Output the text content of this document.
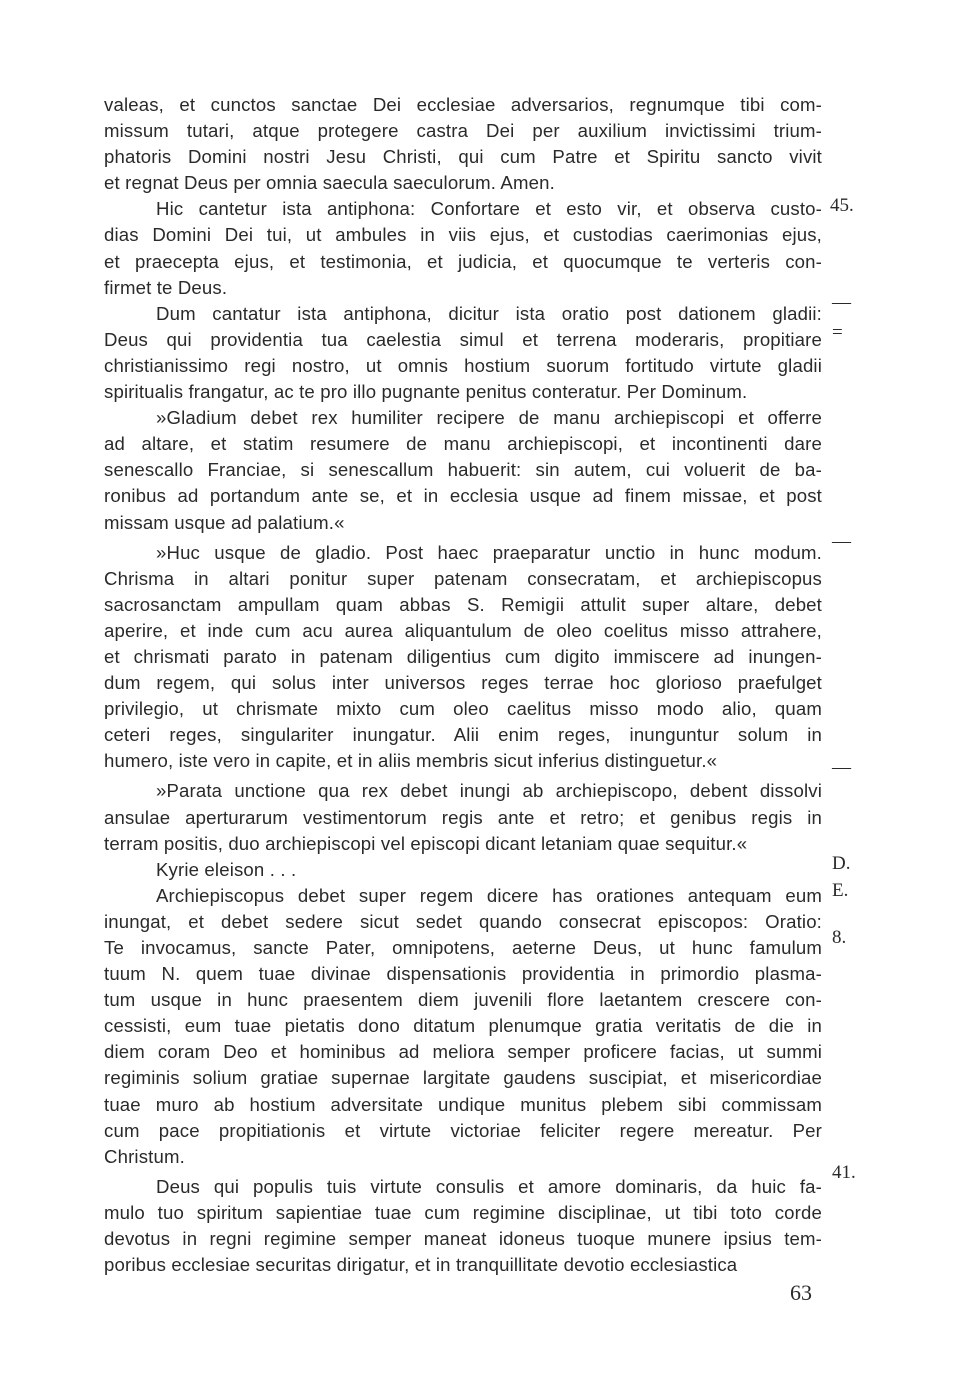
valeas, et cunctos sanctae Dei ecclesiae adversarios, regnumque tibi com-
missum tutari, atque protegere castra Dei per auxilium invictissimi trium-
phatoris Domini nostri Jesu Christi, qui cum Patre et Spiritu sancto vivit
et regnat Deus per omnia saecula saeculorum. Amen.
Hic cantetur ista antiphona: Confortare et esto vir, et observa custo-
dias Domini Dei tui, ut ambules in viis ejus, et custodias caerimonias ejus,
et praecepta ejus, et testimonia, et judicia, et quocumque te verteris con-
firmet te Deus.
Dum cantatur ista antiphona, dicitur ista oratio post dationem gladii:
Deus qui providentia tua caelestia simul et terrena moderaris, propitiare
christianissimo regi nostro, ut omnis hostium suorum fortitudo virtute gladii
spiritualis frangatur, ac te pro illo pugnante penitus conteratur. Per Dominum.
»Gladium debet rex humiliter recipere de manu archiepiscopi et offerre
ad altare, et statim resumere de manu archiepiscopi, et incontinenti dare
senescallo Franciae, si senescallum habuerit: sin autem, cui voluerit de ba-
ronibus ad portandum ante se, et in ecclesia usque ad finem missae, et post
missam usque ad palatium.«
»Huc usque de gladio. Post haec praeparatur unctio in hunc modum.
Chrisma in altari ponitur super patenam consecratam, et archiepiscopus
sacrosanctam ampullam quam abbas S. Remigii attulit super altare, debet
aperire, et inde cum acu aurea aliquantulum de oleo coelitus misso attrahere,
et chrismati parato in patenam diligentius cum digito immiscere ad inungen-
dum regem, qui solus inter universos reges terrae hoc glorioso praefulget
privilegio, ut chrismate mixto cum oleo caelitus misso modo alio, quam
ceteri reges, singulariter inungatur. Alii enim reges, inunguntur solum in
humero, iste vero in capite, et in aliis membris sicut inferius distinguetur.«
»Parata unctione qua rex debet inungi ab archiepiscopo, debent dissolvi
ansulae aperturarum vestimentorum regis ante et retro; et genibus regis in
terram positis, duo archiepiscopi vel episcopi dicant letaniam quae sequitur.«
Kyrie eleison . . .
Archiepiscopus debet super regem dicere has orationes antequam eum
inungat, et debet sedere sicut sedet quando consecrat episcopos: Oratio:
Te invocamus, sancte Pater, omnipotens, aeterne Deus, ut hunc famulum
tuum N. quem tuae divinae dispensationis providentia in primordio plasma-
tum usque in hunc praesentem diem juvenili flore laetantem crescere con-
cessisti, eum tuae pietatis dono ditatum plenumque gratia veritatis de die in
diem coram Deo et hominibus ad meliora semper proficere facias, ut summi
regiminis solium gratiae supernae largitate gaudens suscipiat, et misericordiae
tuae muro ab hostium adversitate undique munitus plebem sibi commissam
cum pace propitiationis et virtute victoriae feliciter regere mereatur. Per
Christum.
Deus qui populis tuis virtute consulis et amore dominaris, da huic fa-
mulo tuo spiritum sapientiae tuae cum regimine disciplinae, ut tibi toto corde
devotus in regni regimine semper maneat idoneus tuoque munere ipsius tem-
poribus ecclesiae securitas dirigatur, et in tranquillitate devotio ecclesiastica
45.
—
=
—
—
D.
E.
8.
41.
63
